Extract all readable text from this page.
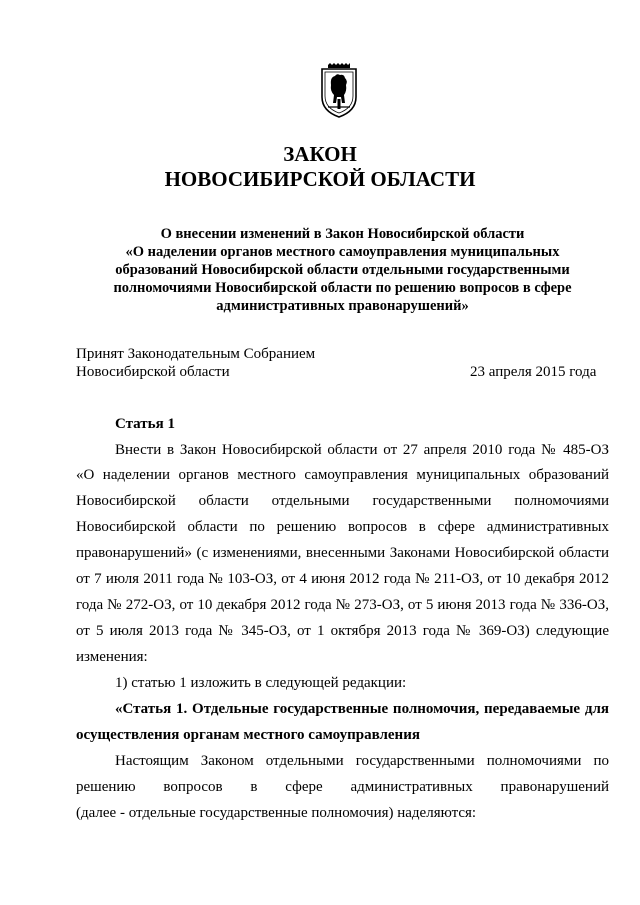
ЗАКОН
НОВОСИБИРСКОЙ ОБЛАСТИ
О внесении изменений в Закон Новосибирской области
«О наделении органов местного самоуправления муниципальных
образований Новосибирской области отдельными государственными
полномочиями Новосибирской области по решению вопросов в сфере
административных правонарушений»
Принят Законодательным Собранием
Новосибирской области	23 апреля 2015 года
Статья 1
Внести в Закон Новосибирской области от 27 апреля 2010 года № 485-ОЗ
«О наделении органов местного самоуправления муниципальных образований
Новосибирской области отдельными государственными полномочиями
Новосибирской области по решению вопросов в сфере административных
правонарушений» (с изменениями, внесенными Законами Новосибирской области
от 7 июля 2011 года № 103-ОЗ, от 4 июня 2012 года № 211-ОЗ, от 10 декабря 2012
года № 272-ОЗ, от 10 декабря 2012 года № 273-ОЗ, от 5 июня 2013 года № 336-ОЗ,
от 5 июля 2013 года № 345-ОЗ, от 1 октября 2013 года № 369-ОЗ) следующие
изменения:
1) статью 1 изложить в следующей редакции:
«Статья 1. Отдельные государственные полномочия, передаваемые для
осуществления органам местного самоуправления
Настоящим Законом отдельными государственными полномочиями по
решению вопросов в сфере административных правонарушений
(далее - отдельные государственные полномочия) наделяются:
